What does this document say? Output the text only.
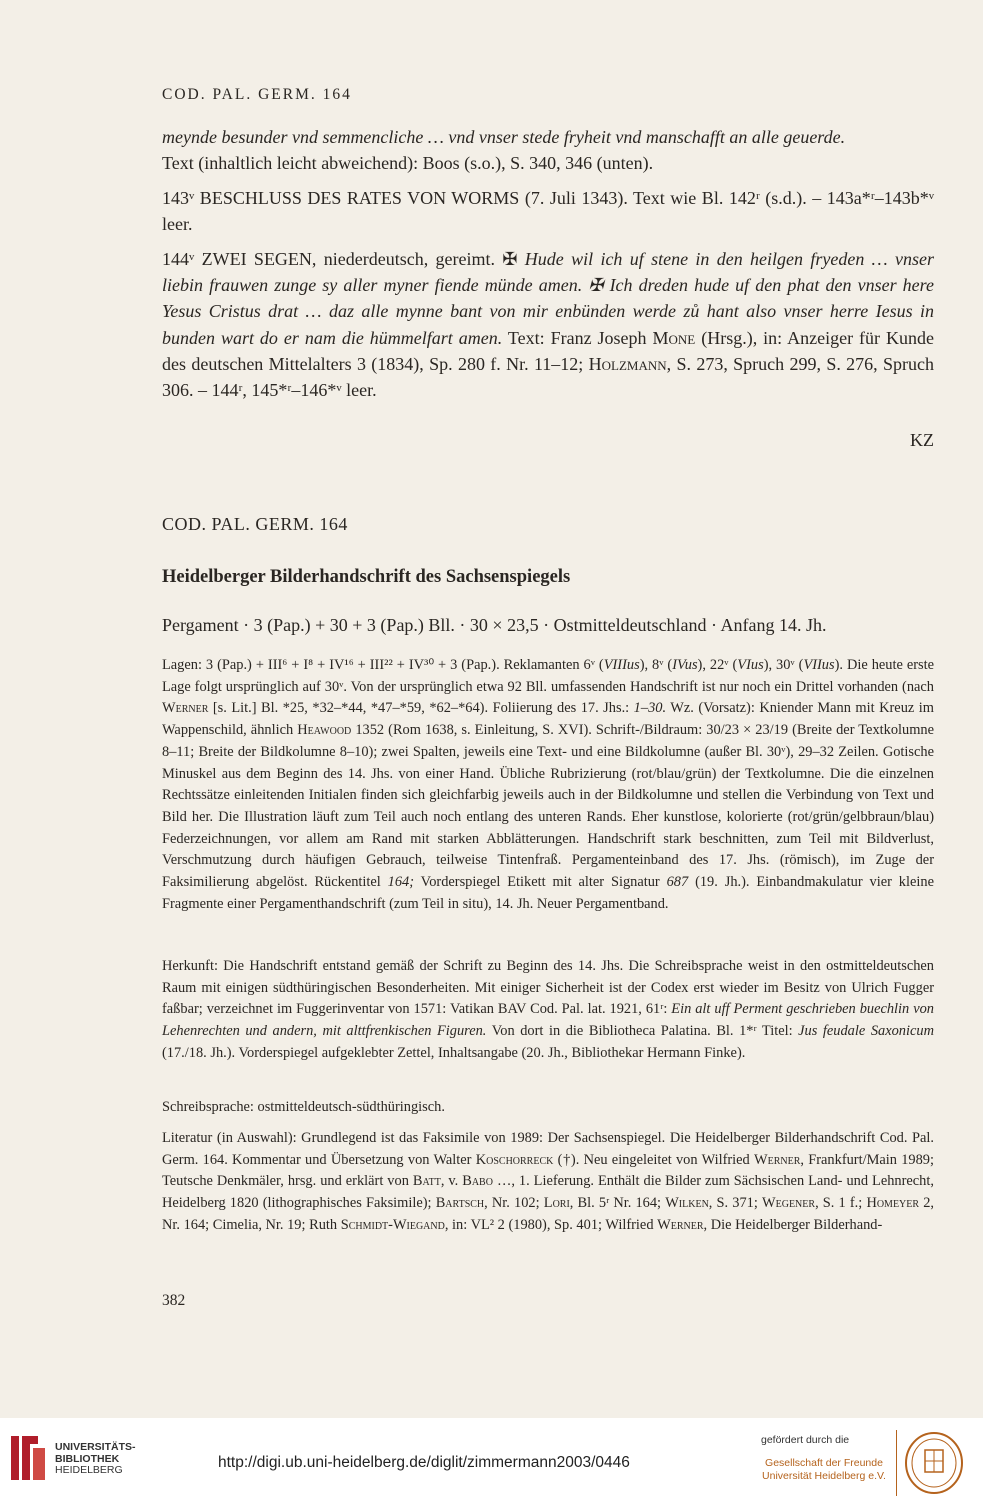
COD. PAL. GERM. 164
meynde besunder vnd semmencliche … vnd vnser stede fryheit vnd manschafft an alle geuerde.
Text (inhaltlich leicht abweichend): Boos (s.o.), S. 340, 346 (unten).
143ᵛ BESCHLUSS DES RATES VON WORMS (7. Juli 1343). Text wie Bl. 142ʳ (s.d.). – 143a*ʳ–143b*ᵛ leer.
144ᵛ ZWEI SEGEN, niederdeutsch, gereimt. ✠ Hude wil ich uf stene in den heilgen fryeden … vnser liebin frauwen zunge sy aller myner fiende münde amen. ✠ Ich dreden hude uf den phat den vnser here Yesus Cristus drat … daz alle mynne bant von mir enbünden werde zů hant also vnser herre Iesus in bunden wart do er nam die hümmelfart amen. Text: Franz Joseph Mone (Hrsg.), in: Anzeiger für Kunde des deutschen Mittelalters 3 (1834), Sp. 280 f. Nr. 11–12; Holzmann, S. 273, Spruch 299, S. 276, Spruch 306. – 144ʳ, 145*ʳ–146*ᵛ leer.
KZ
COD. PAL. GERM. 164
Heidelberger Bilderhandschrift des Sachsenspiegels
Pergament · 3 (Pap.) + 30 + 3 (Pap.) Bll. · 30 × 23,5 · Ostmitteldeutschland · Anfang 14. Jh.
Lagen: 3 (Pap.) + III⁶ + I⁸ + IV¹⁶ + III²² + IV³⁰ + 3 (Pap.). Reklamanten 6ᵛ (VIIIus), 8ᵛ (IVus), 22ᵛ (VIus), 30ᵛ (VIIus). Die heute erste Lage folgt ursprünglich auf 30ᵛ. Von der ursprünglich etwa 92 Bll. umfassenden Handschrift ist nur noch ein Drittel vorhanden (nach Werner [s. Lit.] Bl. *25, *32–*44, *47–*59, *62–*64). Foliierung des 17. Jhs.: 1–30. Wz. (Vorsatz): Kniender Mann mit Kreuz im Wappenschild, ähnlich Heawood 1352 (Rom 1638, s. Einleitung, S. XVI). Schrift-/Bildraum: 30/23 × 23/19 (Breite der Textkolumne 8–11; Breite der Bildkolumne 8–10); zwei Spalten, jeweils eine Text- und eine Bildkolumne (außer Bl. 30ᵛ), 29–32 Zeilen. Gotische Minuskel aus dem Beginn des 14. Jhs. von einer Hand. Übliche Rubrizierung (rot/blau/grün) der Textkolumne. Die die einzelnen Rechtssätze einleitenden Initialen finden sich gleichfarbig jeweils auch in der Bildkolumne und stellen die Verbindung von Text und Bild her. Die Illustration läuft zum Teil auch noch entlang des unteren Rands. Eher kunstlose, kolorierte (rot/grün/gelbbraun/blau) Federzeichnungen, vor allem am Rand mit starken Abblätterungen. Handschrift stark beschnitten, zum Teil mit Bildverlust, Verschmutzung durch häufigen Gebrauch, teilweise Tintenfraß. Pergamenteinband des 17. Jhs. (römisch), im Zuge der Faksimilierung abgelöst. Rückentitel 164; Vorderspiegel Etikett mit alter Signatur 687 (19. Jh.). Einbandmakulatur vier kleine Fragmente einer Pergamenthandschrift (zum Teil in situ), 14. Jh. Neuer Pergamentband.
Herkunft: Die Handschrift entstand gemäß der Schrift zu Beginn des 14. Jhs. Die Schreibsprache weist in den ostmitteldeutschen Raum mit einigen südthüringischen Besonderheiten. Mit einiger Sicherheit ist der Codex erst wieder im Besitz von Ulrich Fugger faßbar; verzeichnet im Fuggerinventar von 1571: Vatikan BAV Cod. Pal. lat. 1921, 61ʳ: Ein alt uff Perment geschrieben buechlin von Lehenrechten und andern, mit alttfrenkischen Figuren. Von dort in die Bibliotheca Palatina. Bl. 1*ʳ Titel: Jus feudale Saxonicum (17./18. Jh.). Vorderspiegel aufgeklebter Zettel, Inhaltsangabe (20. Jh., Bibliothekar Hermann Finke).
Schreibsprache: ostmitteldeutsch-südthüringisch.
Literatur (in Auswahl): Grundlegend ist das Faksimile von 1989: Der Sachsenspiegel. Die Heidelberger Bilderhandschrift Cod. Pal. Germ. 164. Kommentar und Übersetzung von Walter Koschorreck (†). Neu eingeleitet von Wilfried Werner, Frankfurt/Main 1989; Teutsche Denkmäler, hrsg. und erklärt von Batt, v. Babo …, 1. Lieferung. Enthält die Bilder zum Sächsischen Land- und Lehnrecht, Heidelberg 1820 (lithographisches Faksimile); Bartsch, Nr. 102; Lori, Bl. 5ʳ Nr. 164; Wilken, S. 371; Wegener, S. 1 f.; Homeyer 2, Nr. 164; Cimelia, Nr. 19; Ruth Schmidt-Wiegand, in: VL² 2 (1980), Sp. 401; Wilfried Werner, Die Heidelberger Bilderhand-
382
UNIVERSITÄTS-
BIBLIOTHEK
HEIDELBERG	http://digi.ub.uni-heidelberg.de/diglit/zimmermann2003/0446
gefördert durch die
Gesellschaft der Freunde
Universität Heidelberg e.V.
